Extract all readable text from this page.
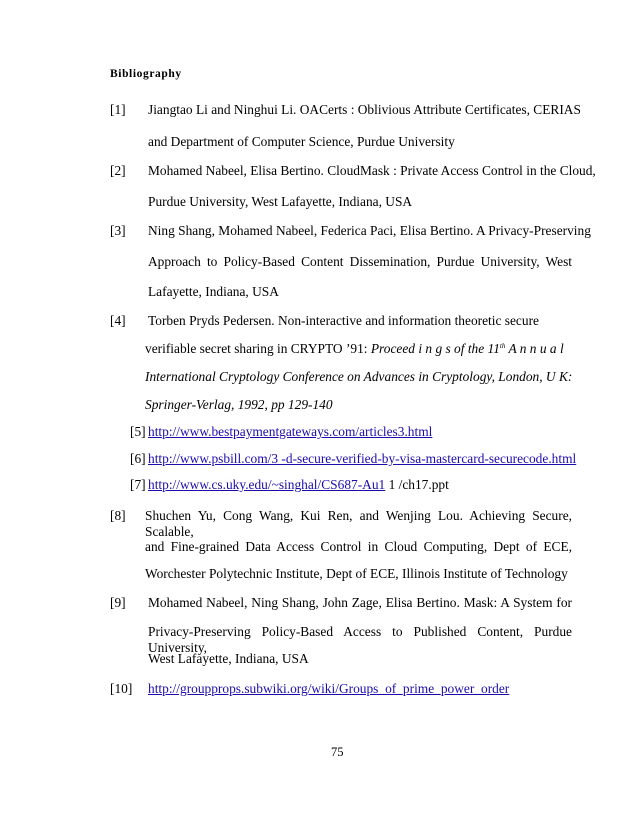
Bibliography
[1] Jiangtao Li and Ninghui Li. OACerts : Oblivious Attribute Certificates, CERIAS
and Department of Computer Science, Purdue University
[2] Mohamed Nabeel, Elisa Bertino. CloudMask : Private Access Control in the Cloud,
Purdue University, West Lafayette, Indiana, USA
[3] Ning Shang, Mohamed Nabeel, Federica Paci, Elisa Bertino. A Privacy-Preserving
Approach to Policy-Based Content Dissemination, Purdue University, West
Lafayette, Indiana, USA
[4] Torben Pryds Pedersen. Non-interactive and information theoretic secure
verifiable secret sharing in CRYPTO ’91: Proceed i n g s of the 11th A n n u a l
International Cryptology Conference on Advances in Cryptology, London, U K:
Springer-Verlag, 1992, pp 129-140
[5] http://www.bestpaymentgateways.com/articles3.html
[6] http://www.psbill.com/3 -d-secure-verified-by-visa-mastercard-securecode.html
[7] http://www.cs.uky.edu/~singhal/CS687-Au1 1 /ch17.ppt
[8] Shuchen Yu, Cong Wang, Kui Ren, and Wenjing Lou. Achieving Secure, Scalable,
and Fine-grained Data Access Control in Cloud Computing, Dept of ECE,
Worchester Polytechnic Institute, Dept of ECE, Illinois Institute of Technology
[9] Mohamed Nabeel, Ning Shang, John Zage, Elisa Bertino. Mask: A System for
Privacy-Preserving Policy-Based Access to Published Content, Purdue University,
West Lafayette, Indiana, USA
[10] http://groupprops.subwiki.org/wiki/Groups_of_prime_power_order
75
